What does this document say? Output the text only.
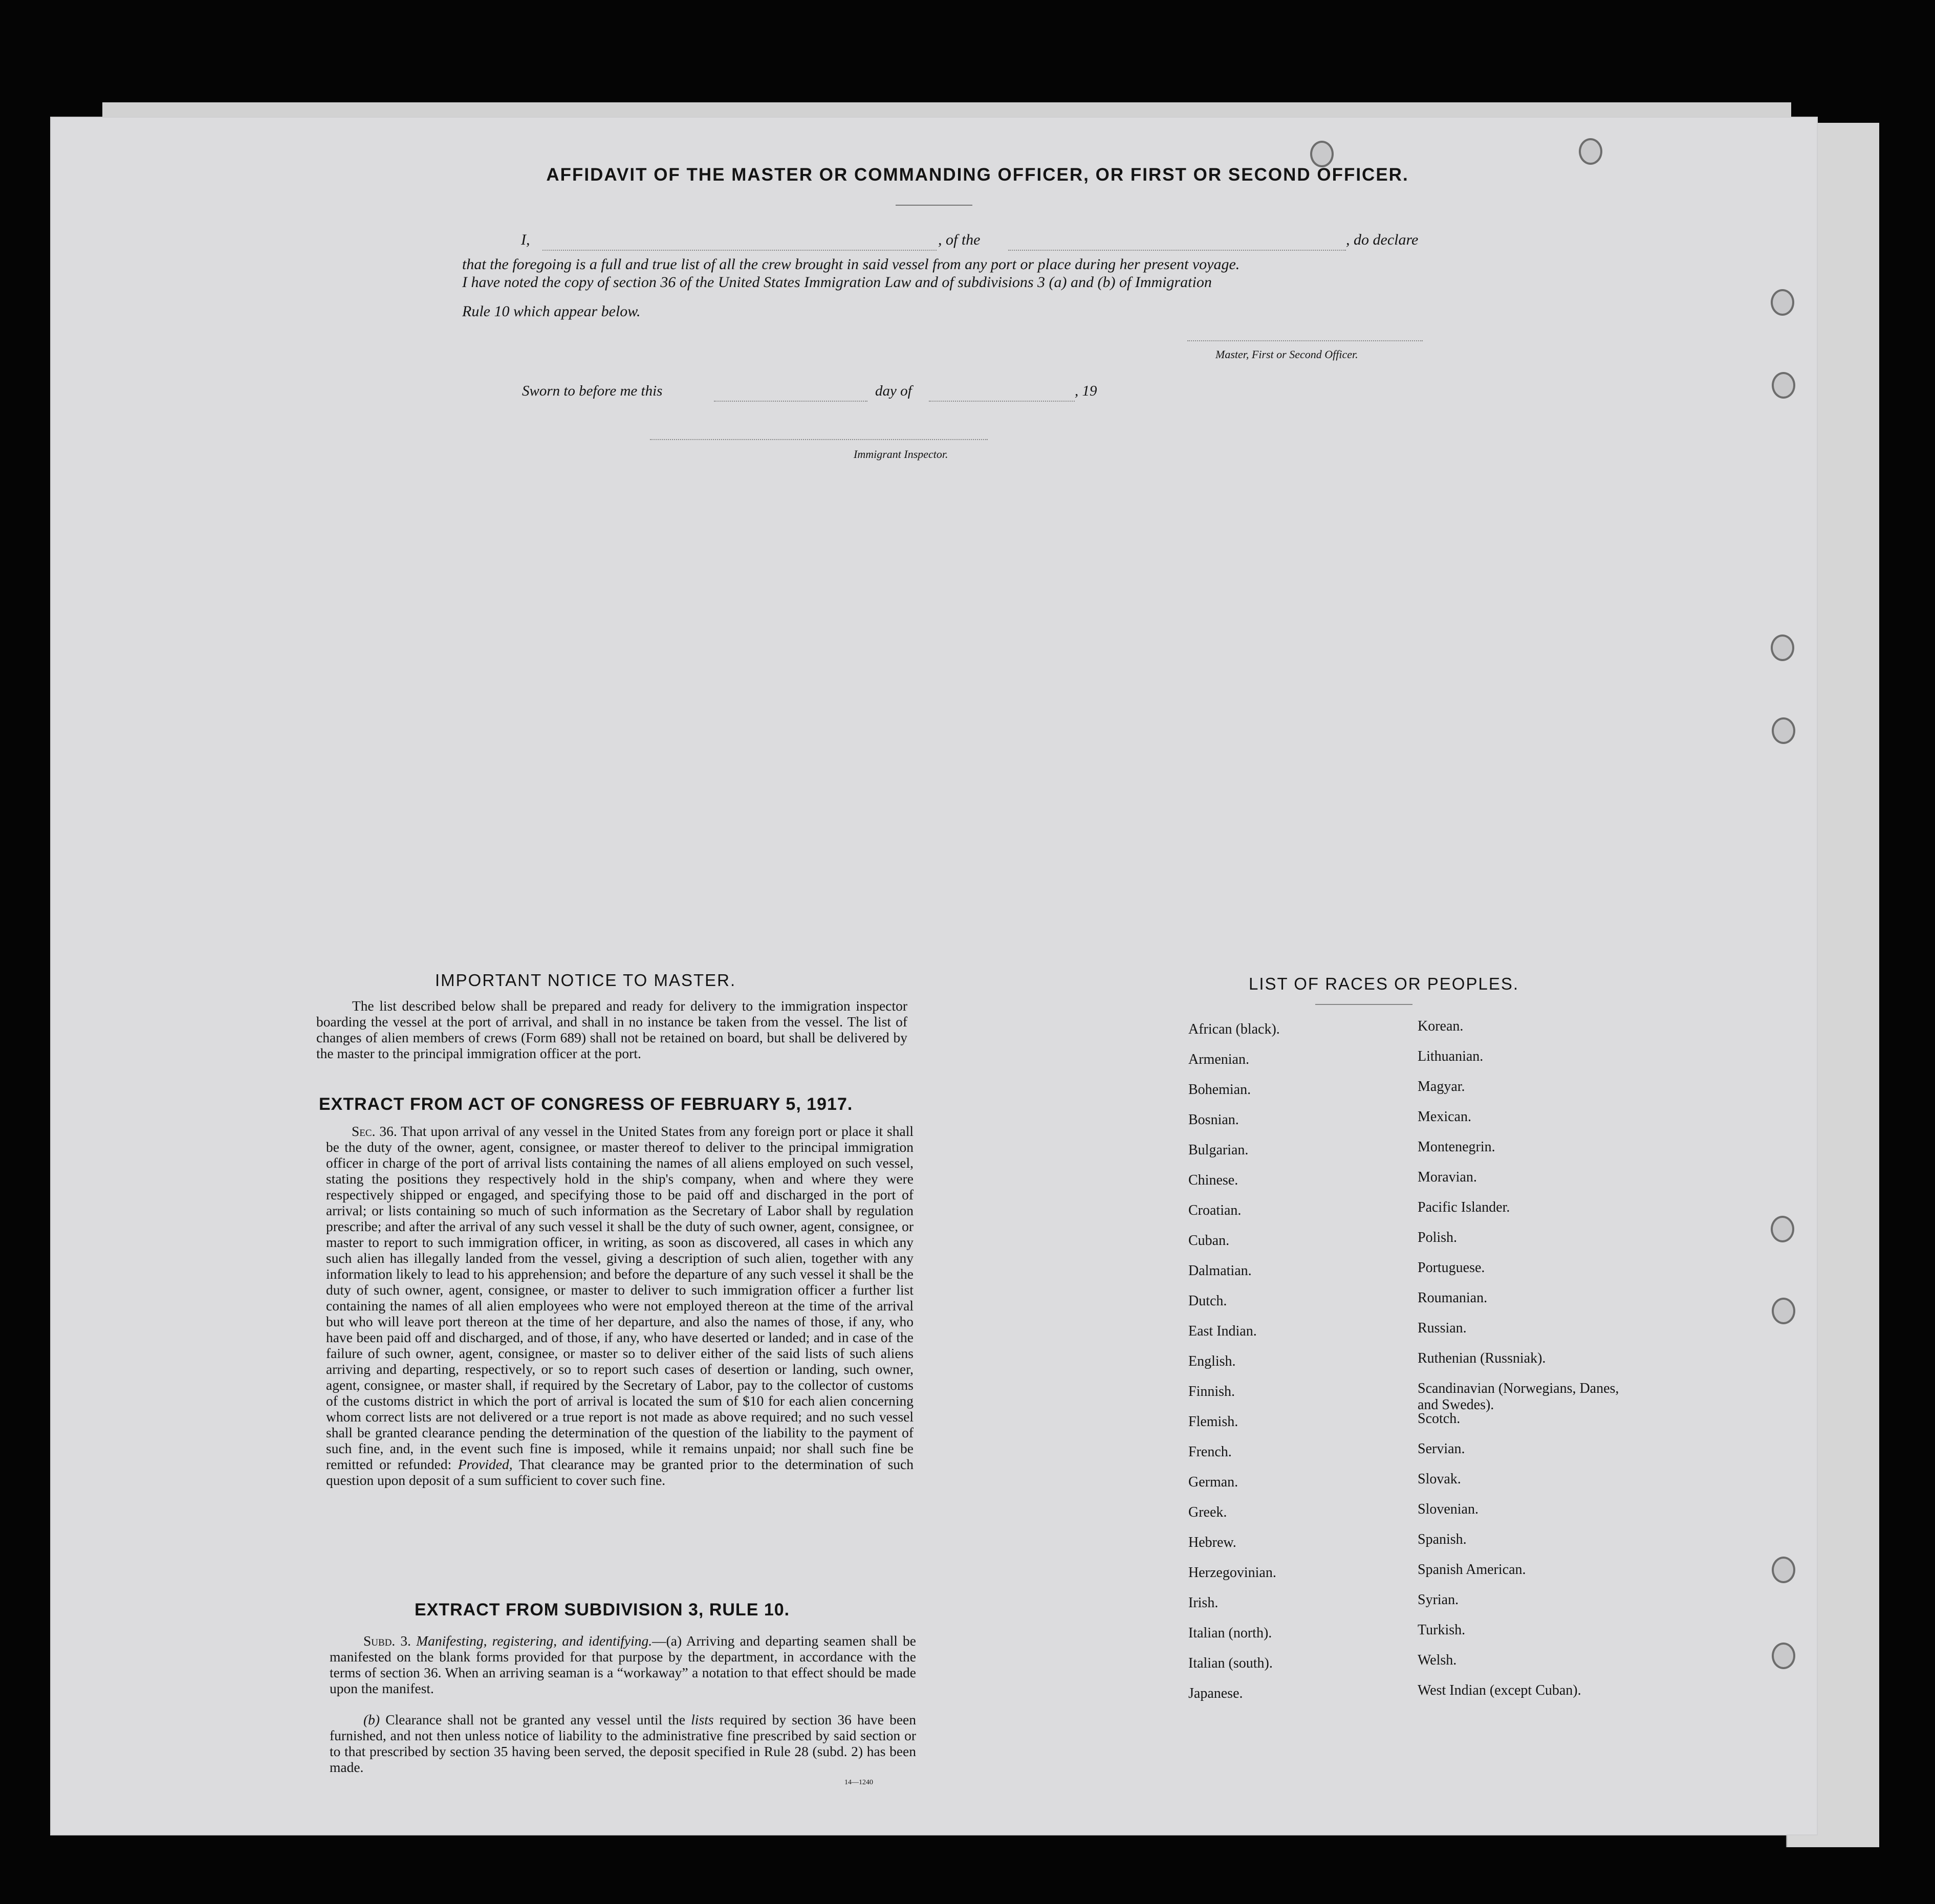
AFFIDAVIT OF THE MASTER OR COMMANDING OFFICER, OR FIRST OR SECOND OFFICER.
I,	, of the	, do declare
that the foregoing is a full and true list of all the crew brought in said vessel from any port or place during her present voyage.
I have noted the copy of section 36 of the United States Immigration Law and of subdivisions 3 (a) and (b) of Immigration
Rule 10 which appear below.
Master, First or Second Officer.
Sworn to before me this	day of	, 19
Immigrant Inspector.
IMPORTANT NOTICE TO MASTER.
The list described below shall be prepared and ready for delivery to the immigration inspector boarding the vessel at the port of arrival, and shall in no instance be taken from the vessel. The list of changes of alien members of crews (Form 689) shall not be retained on board, but shall be delivered by the master to the principal immigration officer at the port.
EXTRACT FROM ACT OF CONGRESS OF FEBRUARY 5, 1917.
Sec. 36. That upon arrival of any vessel in the United States from any foreign port or place it shall be the duty of the owner, agent, consignee, or master thereof to deliver to the principal immigration officer in charge of the port of arrival lists containing the names of all aliens employed on such vessel, stating the positions they respectively hold in the ship's company, when and where they were respectively shipped or engaged, and specifying those to be paid off and discharged in the port of arrival; or lists containing so much of such information as the Secretary of Labor shall by regulation prescribe; and after the arrival of any such vessel it shall be the duty of such owner, agent, consignee, or master to report to such immigration officer, in writing, as soon as discovered, all cases in which any such alien has illegally landed from the vessel, giving a description of such alien, together with any information likely to lead to his apprehension; and before the departure of any such vessel it shall be the duty of such owner, agent, consignee, or master to deliver to such immigration officer a further list containing the names of all alien employees who were not employed thereon at the time of the arrival but who will leave port thereon at the time of her departure, and also the names of those, if any, who have been paid off and discharged, and of those, if any, who have deserted or landed; and in case of the failure of such owner, agent, consignee, or master so to deliver either of the said lists of such aliens arriving and departing, respectively, or so to report such cases of desertion or landing, such owner, agent, consignee, or master shall, if required by the Secretary of Labor, pay to the collector of customs of the customs district in which the port of arrival is located the sum of $10 for each alien concerning whom correct lists are not delivered or a true report is not made as above required; and no such vessel shall be granted clearance pending the determination of the question of the liability to the payment of such fine, and, in the event such fine is imposed, while it remains unpaid; nor shall such fine be remitted or refunded: Provided, That clearance may be granted prior to the determination of such question upon deposit of a sum sufficient to cover such fine.
EXTRACT FROM SUBDIVISION 3, RULE 10.
Subd. 3. Manifesting, registering, and identifying.—(a) Arriving and departing seamen shall be manifested on the blank forms provided for that purpose by the department, in accordance with the terms of section 36. When an arriving seaman is a “workaway” a notation to that effect should be made upon the manifest.
(b) Clearance shall not be granted any vessel until the lists required by section 36 have been furnished, and not then unless notice of liability to the administrative fine prescribed by said section or to that prescribed by section 35 having been served, the deposit specified in Rule 28 (subd. 2) has been made.
14—1240
LIST OF RACES OR PEOPLES.
African (black).
Armenian.
Bohemian.
Bosnian.
Bulgarian.
Chinese.
Croatian.
Cuban.
Dalmatian.
Dutch.
East Indian.
English.
Finnish.
Flemish.
French.
German.
Greek.
Hebrew.
Herzegovinian.
Irish.
Italian (north).
Italian (south).
Japanese.
Korean.
Lithuanian.
Magyar.
Mexican.
Montenegrin.
Moravian.
Pacific Islander.
Polish.
Portuguese.
Roumanian.
Russian.
Ruthenian (Russniak).
Scandinavian (Norwegians, Danes, and Swedes).
Scotch.
Servian.
Slovak.
Slovenian.
Spanish.
Spanish American.
Syrian.
Turkish.
Welsh.
West Indian (except Cuban).
